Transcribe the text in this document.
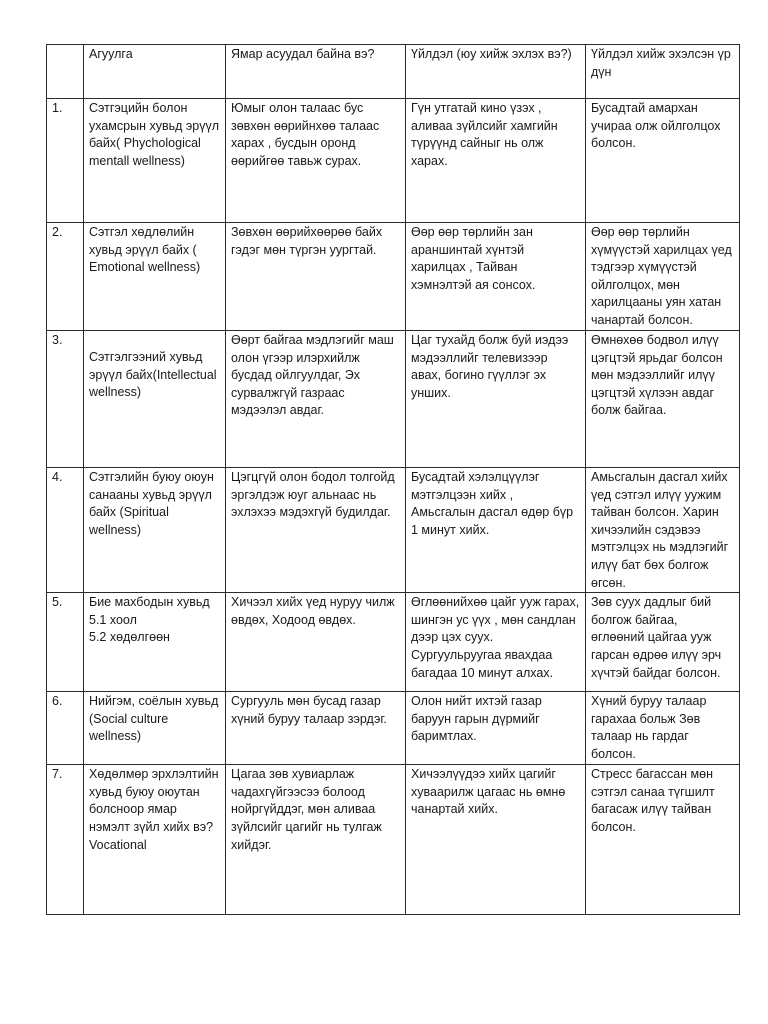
	Агуулга	Ямар асуудал байна вэ?	Үйлдэл (юу хийж эхлэх вэ?)	Үйлдэл хийж эхэлсэн үр дүн
1.	Сэтгэцийн болон ухамсрын хувьд эрүүл байх( Phychological mentall wellness)	Юмыг олон талаас бус зөвхөн өөрийнхөө талаас харах , бусдын оронд өөрийгөө тавьж сурах.	Гүн утгатай кино үзэх , аливаа зүйлсийг хамгийн түрүүнд сайныг нь олж харах.	Бусадтай амархан учираа олж ойлголцох болсон.
2.	Сэтгэл хөдлөлийн хувьд эрүүл байх ( Emotional wellness)	Зөвхөн өөрийхөөрөө байх гэдэг мөн түргэн уургтай.	Өөр өөр төрлийн зан араншинтай хүнтэй харилцах , Тайван хэмнэлтэй ая сонсох.	Өөр өөр төрлийн хүмүүстэй харилцах үед тэдгээр хүмүүстэй ойлголцох, мөн харилцааны уян хатан чанартай болсон.
3.	Сэтгэлгээний хувьд эрүүл байх(Intellectual wellness)	Өөрт байгаа мэдлэгийг маш олон үгээр илэрхийлж бусдад ойлгуулдаг, Эх сурвалжгүй газраас мэдээлэл авдаг.	Цаг тухайд болж буй иэдээ мэдээллийг телевизээр авах, богино гүүллэг эх унших.	Өмнөхөө бодвол илүү цэгцтэй ярьдаг болсон мөн мэдээллийг илүү цэгцтэй хүлээн авдаг болж байгаа.
4.	Сэтгэлийн буюу оюун санааны хувьд эрүүл байх (Spiritual wellness)	Цэгцгүй олон бодол толгойд эргэлдэж юуг альнаас нь эхлэхээ мэдэхгүй будилдаг.	Бусадтай хэлэлцүүлэг мэтгэлцээн хийх , Амьсгалын дасгал өдөр бүр 1 минут хийх.	Амьсгалын дасгал хийх үед сэтгэл илүү уужим тайван болсон. Харин хичээлийн сэдэвээ мэтгэлцэх нь мэдлэгийг илүү бат бөх болгож өгсөн.
5.	Бие махбодын хувьд
5.1 хоол
5.2 хөдөлгөөн	Хичээл хийх үед нуруу чилж өвдөх, Ходоод өвдөх.	Өглөөнийхөө цайг ууж гарах, шингэн ус үүх , мөн сандлан дээр цэх суух. Сургуульруугаа явахдаа багадаа 10 минут алхах.	Зөв суух дадлыг бий болгож байгаа, өглөөний цайгаа ууж гарсан өдрөө илүү эрч хүчтэй байдаг болсон.
6.	Нийгэм, соёлын хувьд (Social culture wellness)	Сургууль мөн бусад газар хүний буруу талаар зэрдэг.	Олон нийт ихтэй газар баруун гарын дүрмийг баримтлах.	Хүний буруу талаар гарахаа больж Зөв талаар нь гардаг болсон.
7.	Хөдөлмөр эрхлэлтийн хувьд буюу оюутан болсноор ямар нэмэлт зүйл хийх вэ? Vocational	Цагаа зөв хувиарлаж чадахгүйгээсээ болоод нойргүйддэг, мөн аливаа зүйлсийг цагийг нь тулгаж хийдэг.	Хичээлүүдээ хийх цагийг хуваарилж цагаас нь өмнө чанартай хийх.	Стресс багассан мөн сэтгэл санаа түгшилт багасаж илүү тайван болсон.
